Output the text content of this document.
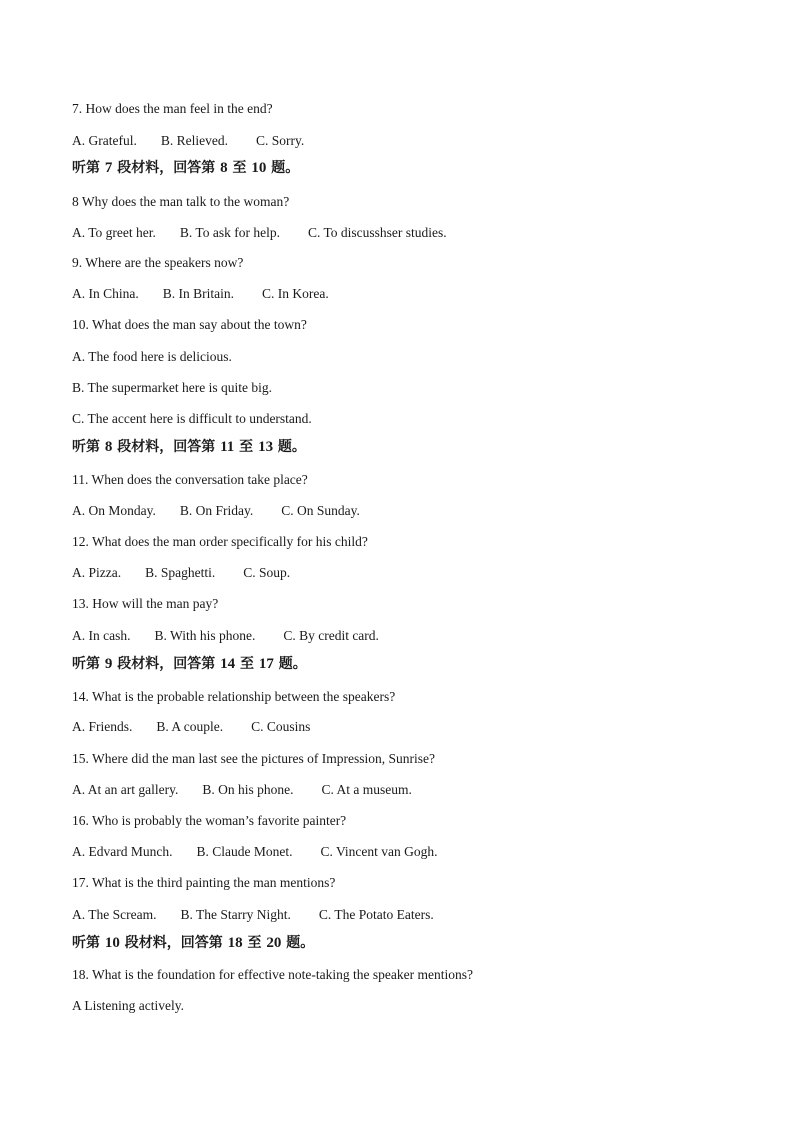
7. How does the man feel in the end?
A. Grateful. B. Relieved. C. Sorry.
听第 7 段材料，回答第 8 至 10 题。
8 Why does the man talk to the woman?
A. To greet her. B. To ask for help. C. To discusshser studies.
9. Where are the speakers now?
A. In China. B. In Britain. C. In Korea.
10. What does the man say about the town?
A. The food here is delicious.
B. The supermarket here is quite big.
C. The accent here is difficult to understand.
听第 8 段材料，回答第 11 至 13 题。
11. When does the conversation take place?
A. On Monday. B. On Friday. C. On Sunday.
12. What does the man order specifically for his child?
A. Pizza. B. Spaghetti. C. Soup.
13. How will the man pay?
A. In cash. B. With his phone. C. By credit card.
听第 9 段材料，回答第 14 至 17 题。
14. What is the probable relationship between the speakers?
A. Friends. B. A couple. C. Cousins
15. Where did the man last see the pictures of Impression, Sunrise?
A. At an art gallery. B. On his phone. C. At a museum.
16. Who is probably the woman’s favorite painter?
A. Edvard Munch. B. Claude Monet. C. Vincent van Gogh.
17. What is the third painting the man mentions?
A. The Scream. B. The Starry Night. C. The Potato Eaters.
听第 10 段材料，回答第 18 至 20 题。
18. What is the foundation for effective note-taking the speaker mentions?
A Listening actively.
